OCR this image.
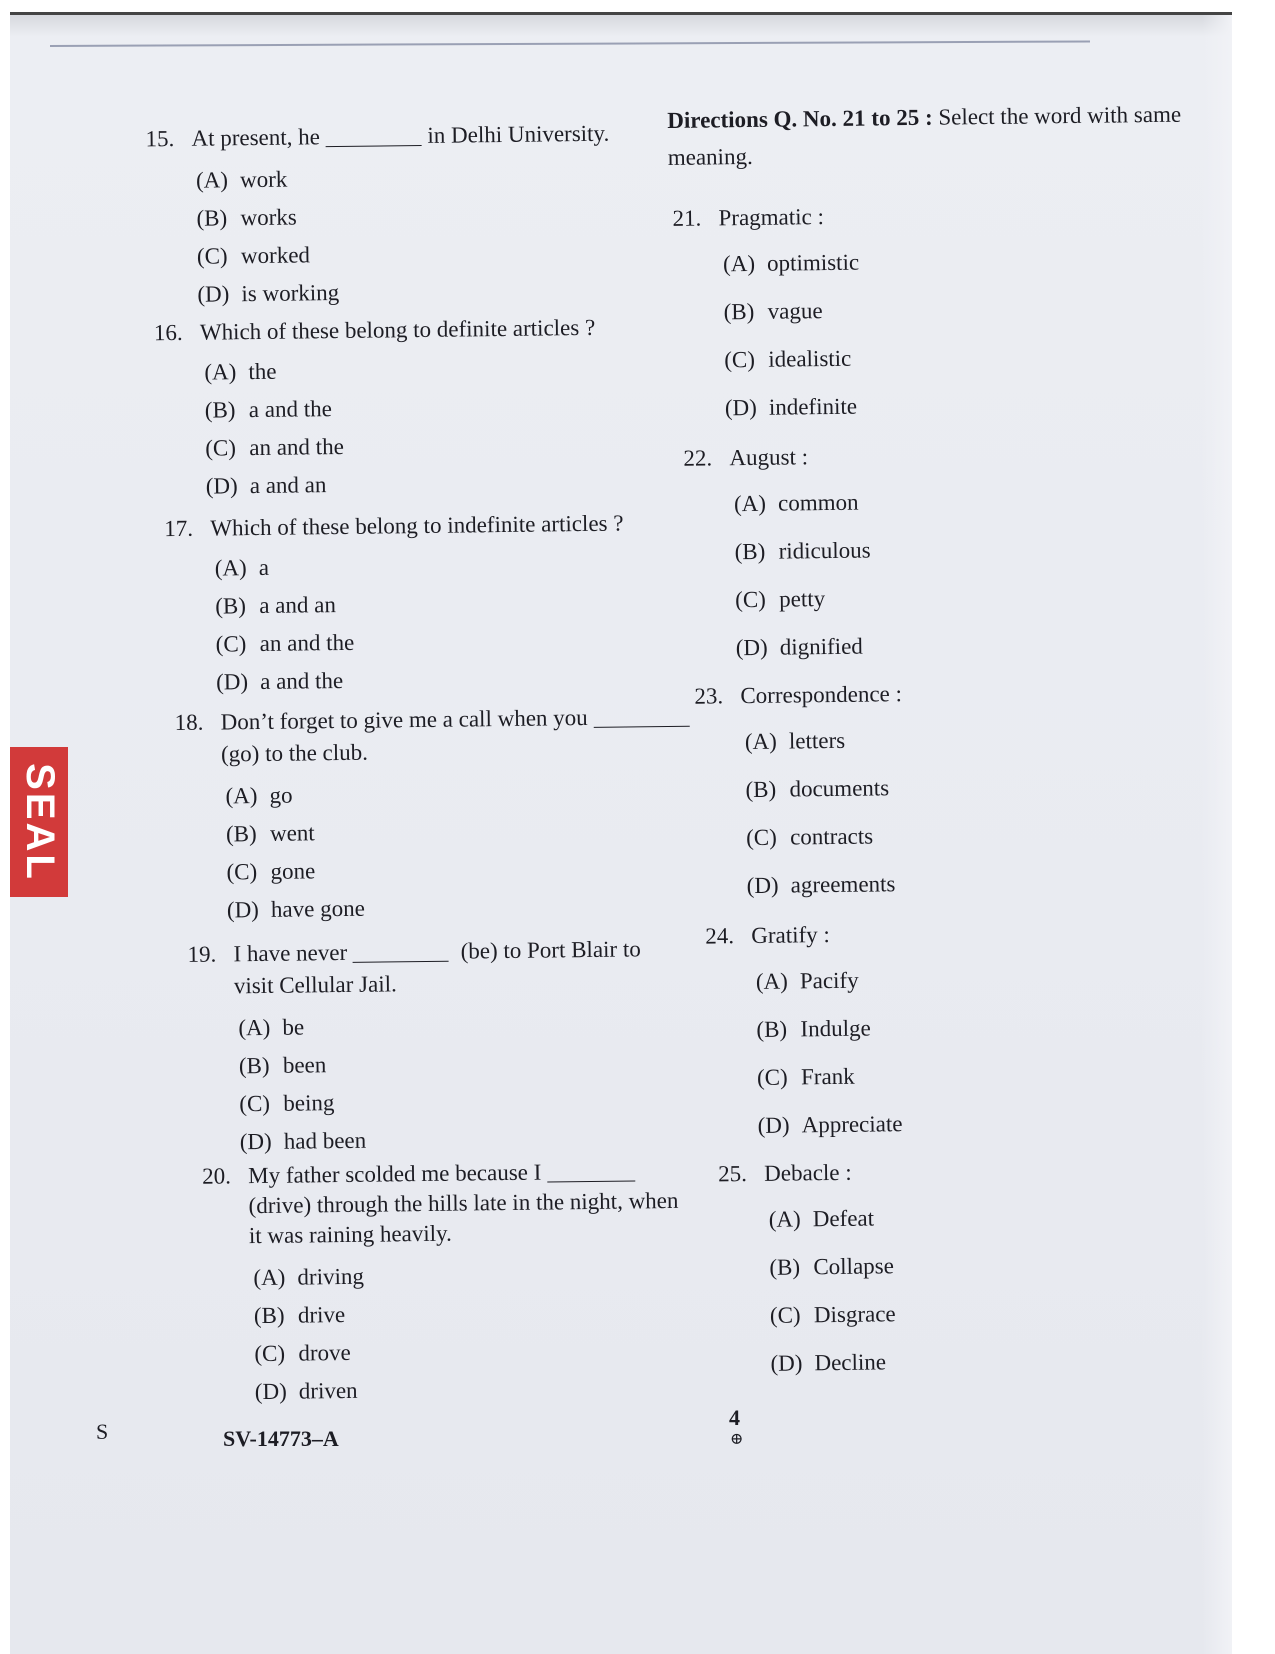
15. At present, he	in Delhi University.
(A) work
(B) works
(C) worked
(D) is working
16. Which of these belong to definite articles ?
(A) the
(B) a and the
(C) an and the
(D) a and an
17. Which of these belong to indefinite articles ?
(A) a
(B) a and an
(C) an and the
(D) a and the
18. Don’t forget to give me a call when you
(go) to the club.
(A) go
(B) went
(C) gone
(D) have gone
19. I have never	(be) to Port Blair to
visit Cellular Jail.
(A) be
(B) been
(C) being
(D) had been
20. My father scolded me because I
(drive) through the hills late in the night, when
it was raining heavily.
(A) driving
(B) drive
(C) drove
(D) driven
Directions Q. No. 21 to 25 : Select the word with same meaning.
21. Pragmatic :
(A) optimistic
(B) vague
(C) idealistic
(D) indefinite
22. August :
(A) common
(B) ridiculous
(C) petty
(D) dignified
23. Correspondence :
(A) letters
(B) documents
(C) contracts
(D) agreements
24. Gratify :
(A) Pacify
(B) Indulge
(C) Frank
(D) Appreciate
25. Debacle :
(A) Defeat
(B) Collapse
(C) Disgrace
(D) Decline
SEAL
S	SV-14773–A
4
⊕
